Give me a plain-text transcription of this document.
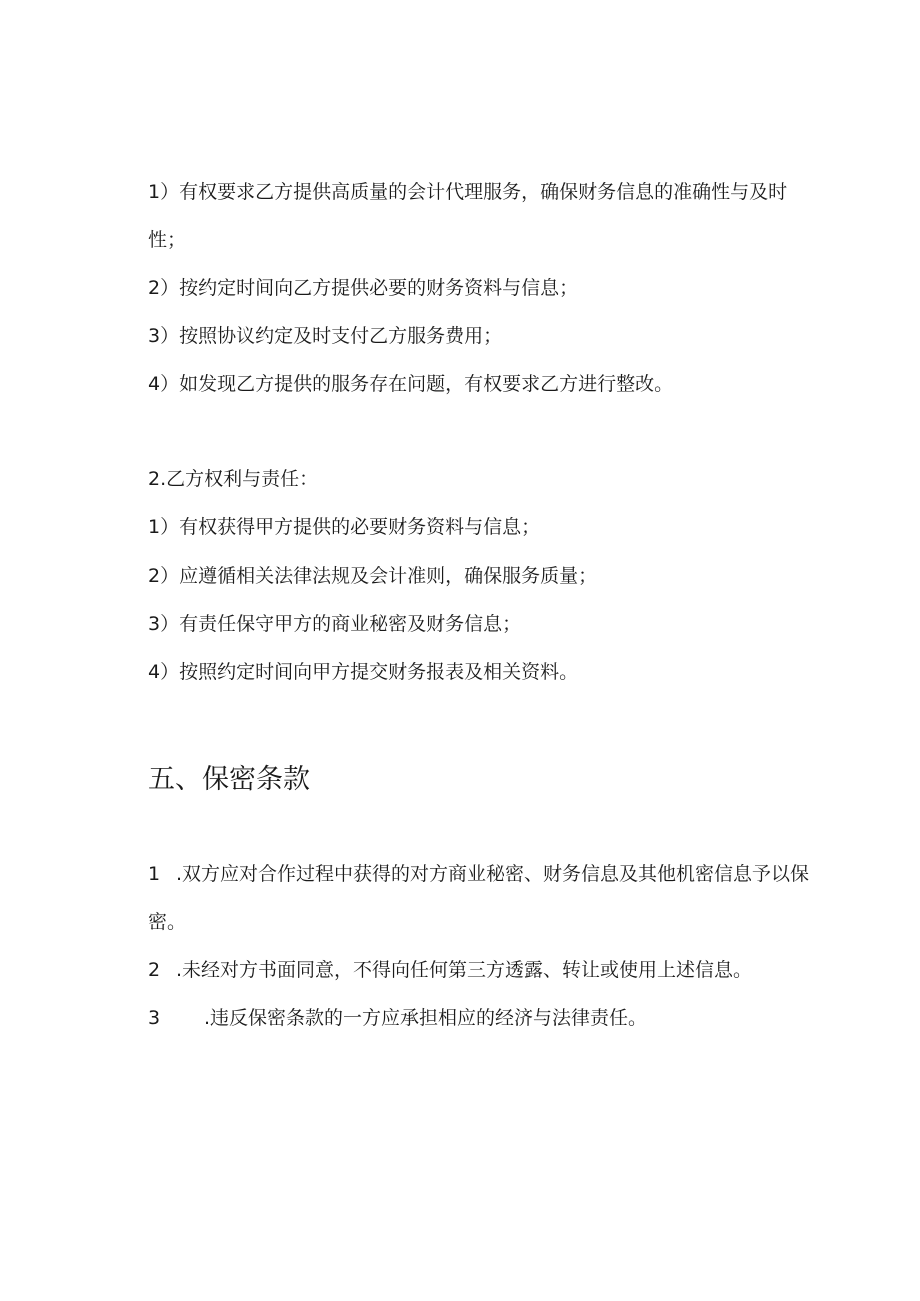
1）有权要求乙方提供高质量的会计代理服务，确保财务信息的准确性与及时性；

2）按约定时间向乙方提供必要的财务资料与信息；

3）按照协议约定及时支付乙方服务费用；

4）如发现乙方提供的服务存在问题，有权要求乙方进行整改。

2.乙方权利与责任：

1）有权获得甲方提供的必要财务资料与信息；

2）应遵循相关法律法规及会计准则，确保服务质量；

3）有责任保守甲方的商业秘密及财务信息；

4）按照约定时间向甲方提交财务报表及相关资料。

五、保密条款

1 .双方应对合作过程中获得的对方商业秘密、财务信息及其他机密信息予以保密。

2 .未经对方书面同意，不得向任何第三方透露、转让或使用上述信息。

3 .违反保密条款的一方应承担相应的经济与法律责任。
